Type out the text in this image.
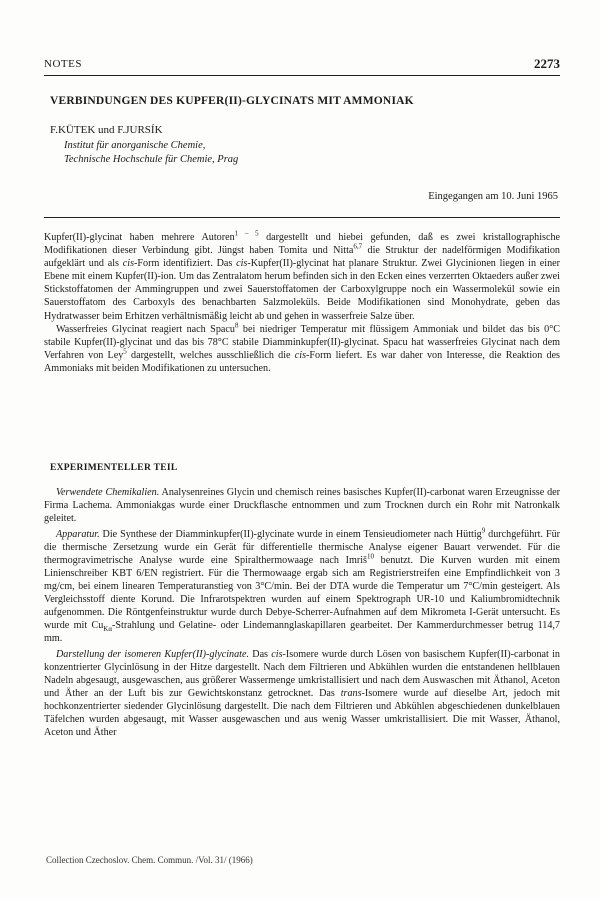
NOTES	2273
VERBINDUNGEN DES KUPFER(II)-GLYCINATS MIT AMMONIAK
F.KÜTEK und F.JURSÍK
Institut für anorganische Chemie,
Technische Hochschule für Chemie, Prag
Eingegangen am 10. Juni 1965

Kupfer(II)-glycinat haben mehrere Autoren$^{1 - 5}$ dargestellt und hiebei gefunden, daß es zwei kristallographische Modifikationen dieser Verbindung gibt. Jüngst haben Tomita und Nitta$^{6,7}$ die Struktur der nadelförmigen Modifikation aufgeklärt und als cis-Form identifiziert. Das cis-Kupfer(II)-glycinat hat planare Struktur. Zwei Glycinionen liegen in einer Ebene mit einem Kupfer(II)-ion. Um das Zentralatom herum befinden sich in den Ecken eines verzerrten Oktaeders außer zwei Stickstoffatomen der Ammingruppen und zwei Sauerstoffatomen der Carboxylgruppe noch ein Wassermolekül sowie ein Sauerstoffatom des Carboxyls des benachbarten Salzmoleküls. Beide Modifikationen sind Monohydrate, geben das Hydratwasser beim Erhitzen verhältnismäßig leicht ab und gehen in wasserfreie Salze über.

Wasserfreies Glycinat reagiert nach Spacu$^8$ bei niedriger Temperatur mit flüssigem Ammoniak und bildet das bis 0°C stabile Kupfer(II)-glycinat und das bis 78°C stabile Diamminkupfer(II)-glycinat. Spacu hat wasserfreies Glycinat nach dem Verfahren von Ley$^5$ dargestellt, welches ausschließlich die cis-Form liefert. Es war daher von Interesse, die Reaktion des Ammoniaks mit beiden Modifikationen zu untersuchen.

EXPERIMENTELLER TEIL

Verwendete Chemikalien. Analysenreines Glycin und chemisch reines basisches Kupfer(II)-carbonat waren Erzeugnisse der Firma Lachema. Ammoniakgas wurde einer Druckflasche entnommen und zum Trocknen durch ein Rohr mit Natronkalk geleitet.

Apparatur. Die Synthese der Diamminkupfer(II)-glycinate wurde in einem Tensieudiometer nach Hüttig$^9$ durchgeführt. Für die thermische Zersetzung wurde ein Gerät für differentielle thermische Analyse eigener Bauart verwendet. Für die thermogravimetrische Analyse wurde eine Spiralthermowaage nach Imriš$^{10}$ benutzt. Die Kurven wurden mit einem Linienschreiber KBT 6/EN registriert. Für die Thermowaage ergab sich am Registrierstreifen eine Empfindlichkeit von 3 mg/cm, bei einem linearen Temperaturanstieg von 3°C/min. Bei der DTA wurde die Temperatur um 7°C/min gesteigert. Als Vergleichsstoff diente Korund. Die Infrarotspektren wurden auf einem Spektrograph UR-10 und Kaliumbromidtechnik aufgenommen. Die Röntgenfeinstruktur wurde durch Debye-Scherrer-Aufnahmen auf dem Mikrometa I-Gerät untersucht. Es wurde mit $Cu_{K\alpha}$-Strahlung und Gelatine- oder Lindemannglaskapillaren gearbeitet. Der Kammerdurchmesser betrug 114,7 mm.

Darstellung der isomeren Kupfer(II)-glycinate. Das cis-Isomere wurde durch Lösen von basischem Kupfer(II)-carbonat in konzentrierter Glycinlösung in der Hitze dargestellt. Nach dem Filtrieren und Abkühlen wurden die entstandenen hellblauen Nadeln abgesaugt, ausgewaschen, aus größerer Wassermenge umkristallisiert und nach dem Auswaschen mit Äthanol, Aceton und Äther an der Luft bis zur Gewichtskonstanz getrocknet. Das trans-Isomere wurde auf dieselbe Art, jedoch mit hochkonzentrierter siedender Glycinlösung dargestellt. Die nach dem Filtrieren und Abkühlen abgeschiedenen dunkelblauen Täfelchen wurden abgesaugt, mit Wasser ausgewaschen und aus wenig Wasser umkristallisiert. Die mit Wasser, Äthanol, Aceton und Äther

Collection Czechoslov. Chem. Commun. /Vol. 31/ (1966)
